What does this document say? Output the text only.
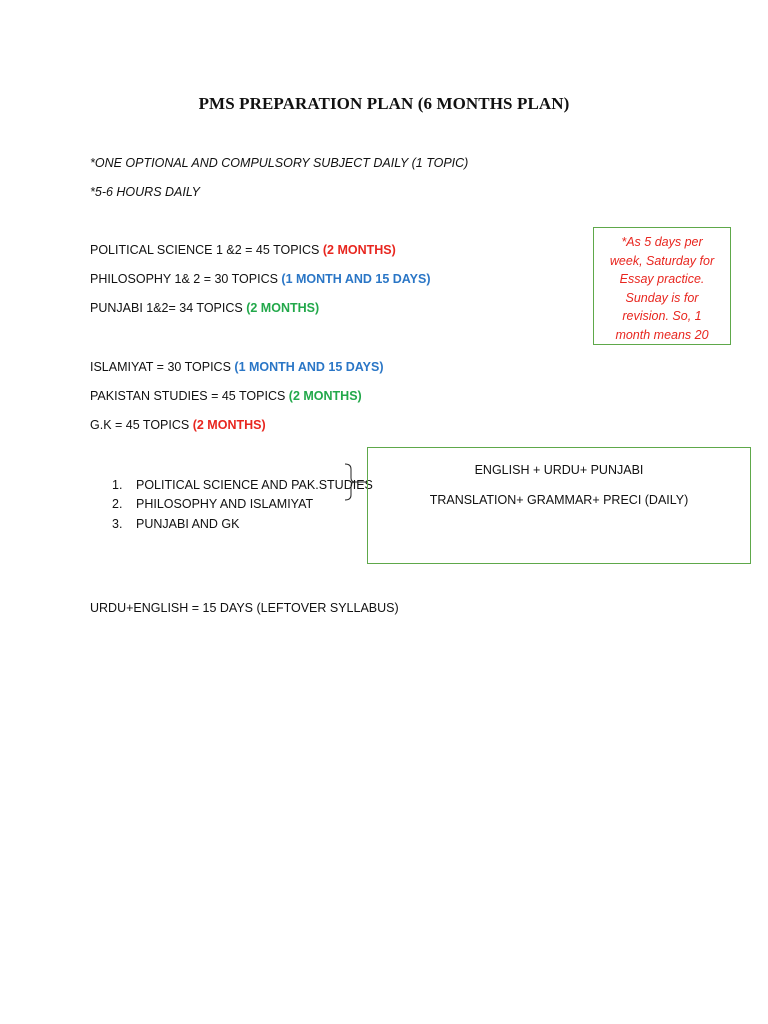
PMS PREPARATION PLAN (6 MONTHS PLAN)
*ONE OPTIONAL AND COMPULSORY SUBJECT DAILY (1 TOPIC)
*5-6 HOURS DAILY
POLITICAL SCIENCE 1 &2 = 45 TOPICS (2 MONTHS)
PHILOSOPHY 1& 2 = 30 TOPICS (1 MONTH AND 15 DAYS)
PUNJABI 1&2= 34 TOPICS (2 MONTHS)
ISLAMIYAT = 30 TOPICS (1 MONTH AND 15 DAYS)
PAKISTAN STUDIES = 45 TOPICS (2 MONTHS)
G.K = 45 TOPICS (2 MONTHS)
*As 5 days per
week, Saturday for
Essay practice.
Sunday is for
revision. So, 1
month means 20
1. POLITICAL SCIENCE AND PAK.STUDIES
2. PHILOSOPHY AND ISLAMIYAT
3. PUNJABI AND GK
ENGLISH + URDU+ PUNJABI
TRANSLATION+ GRAMMAR+ PRECI (DAILY)
URDU+ENGLISH = 15 DAYS (LEFTOVER SYLLABUS)
